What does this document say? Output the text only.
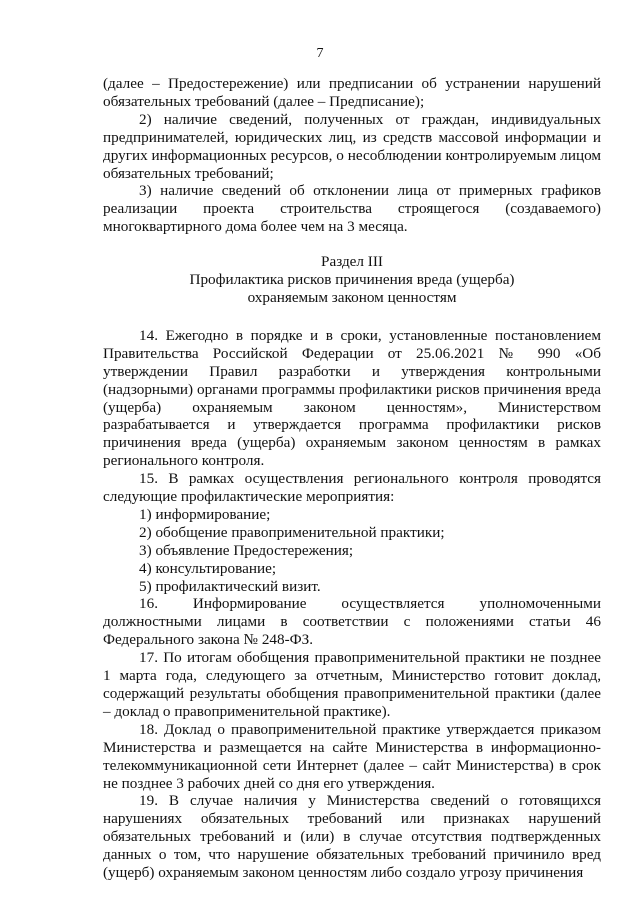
7

(далее – Предостережение) или предписании об устранении нарушений обязательных требований (далее – Предписание);

2) наличие сведений, полученных от граждан, индивидуальных предпринимателей, юридических лиц, из средств массовой информации и других информационных ресурсов, о несоблюдении контролируемым лицом обязательных требований;

3) наличие сведений об отклонении лица от примерных графиков реализации проекта строительства строящегося (создаваемого) многоквартирного дома более чем на 3 месяца.

Раздел III
Профилактика рисков причинения вреда (ущерба)
охраняемым законом ценностям

14. Ежегодно в порядке и в сроки, установленные постановлением Правительства Российской Федерации от 25.06.2021 № 990 «Об утверждении Правил разработки и утверждения контрольными (надзорными) органами программы профилактики рисков причинения вреда (ущерба) охраняемым законом ценностям», Министерством разрабатывается и утверждается программа профилактики рисков причинения вреда (ущерба) охраняемым законом ценностям в рамках регионального контроля.

15. В рамках осуществления регионального контроля проводятся следующие профилактические мероприятия:

1) информирование;

2) обобщение правоприменительной практики;

3) объявление Предостережения;

4) консультирование;

5) профилактический визит.

16. Информирование осуществляется уполномоченными должностными лицами в соответствии с положениями статьи 46 Федерального закона № 248-ФЗ.

17. По итогам обобщения правоприменительной практики не позднее 1 марта года, следующего за отчетным, Министерство готовит доклад, содержащий результаты обобщения правоприменительной практики (далее – доклад о правоприменительной практике).

18. Доклад о правоприменительной практике утверждается приказом Министерства и размещается на сайте Министерства в информационно-телекоммуникационной сети Интернет (далее – сайт Министерства) в срок не позднее 3 рабочих дней со дня его утверждения.

19. В случае наличия у Министерства сведений о готовящихся нарушениях обязательных требований или признаках нарушений обязательных требований и (или) в случае отсутствия подтвержденных данных о том, что нарушение обязательных требований причинило вред (ущерб) охраняемым законом ценностям либо создало угрозу причинения
